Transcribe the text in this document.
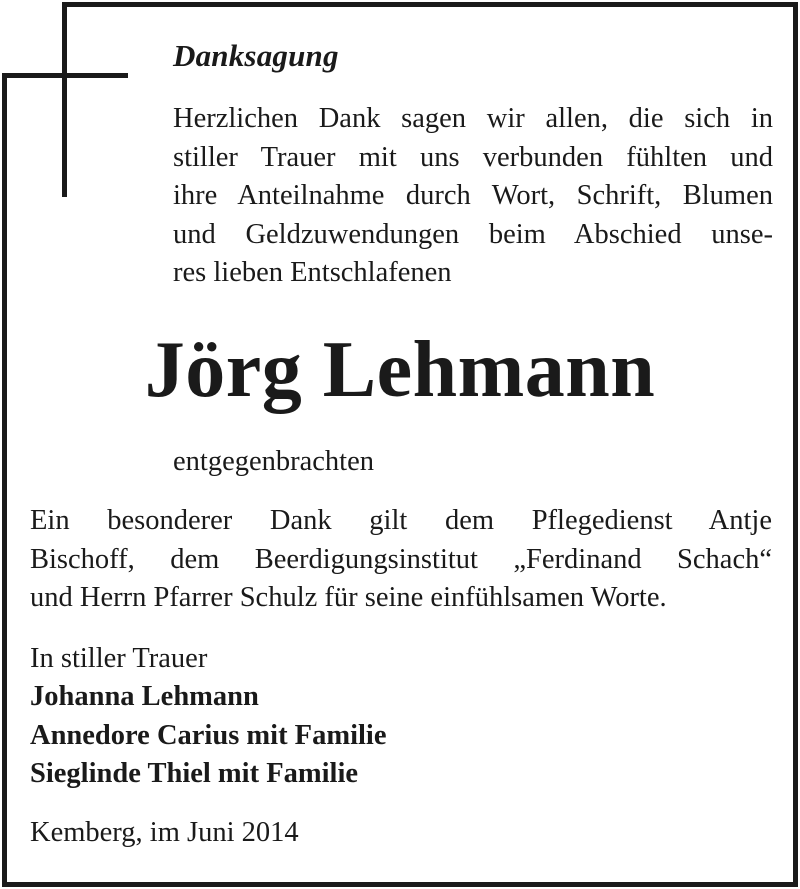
Danksagung

Herzlichen Dank sagen wir allen, die sich in
stiller Trauer mit uns verbunden fühlten und
ihre Anteilnahme durch Wort, Schrift, Blumen
und Geldzuwendungen beim Abschied unse-
res lieben Entschlafenen

Jörg Lehmann

entgegenbrachten

Ein besonderer Dank gilt dem Pflegedienst Antje
Bischoff, dem Beerdigungsinstitut „Ferdinand Schach“
und Herrn Pfarrer Schulz für seine einfühlsamen Worte.

In stiller Trauer

Johanna Lehmann
Annedore Carius mit Familie
Sieglinde Thiel mit Familie

Kemberg, im Juni 2014
